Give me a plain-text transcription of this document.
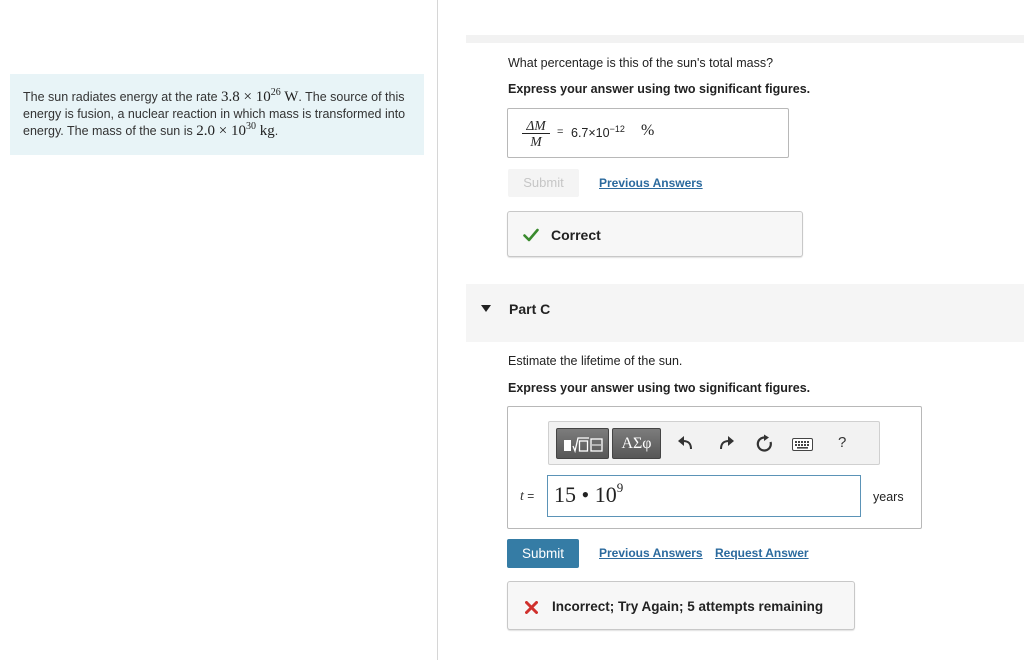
The sun radiates energy at the rate $3.8 \times 10^{26}$ W. The source of this energy is fusion, a nuclear reaction in which mass is transformed into energy. The mass of the sun is $2.0 \times 10^{30}$ kg.
What percentage is this of the sun's total mass?
Express your answer using two significant figures.
$\frac{\Delta M}{M} = 6.7\times 10^{-12}$ %
Submit	Previous Answers
Correct
Part C
Estimate the lifetime of the sun.
Express your answer using two significant figures.
ΑΣφ	?
t = 15 • $10^9$
years
Submit	Previous Answers Request Answer
Incorrect; Try Again; 5 attempts remaining
